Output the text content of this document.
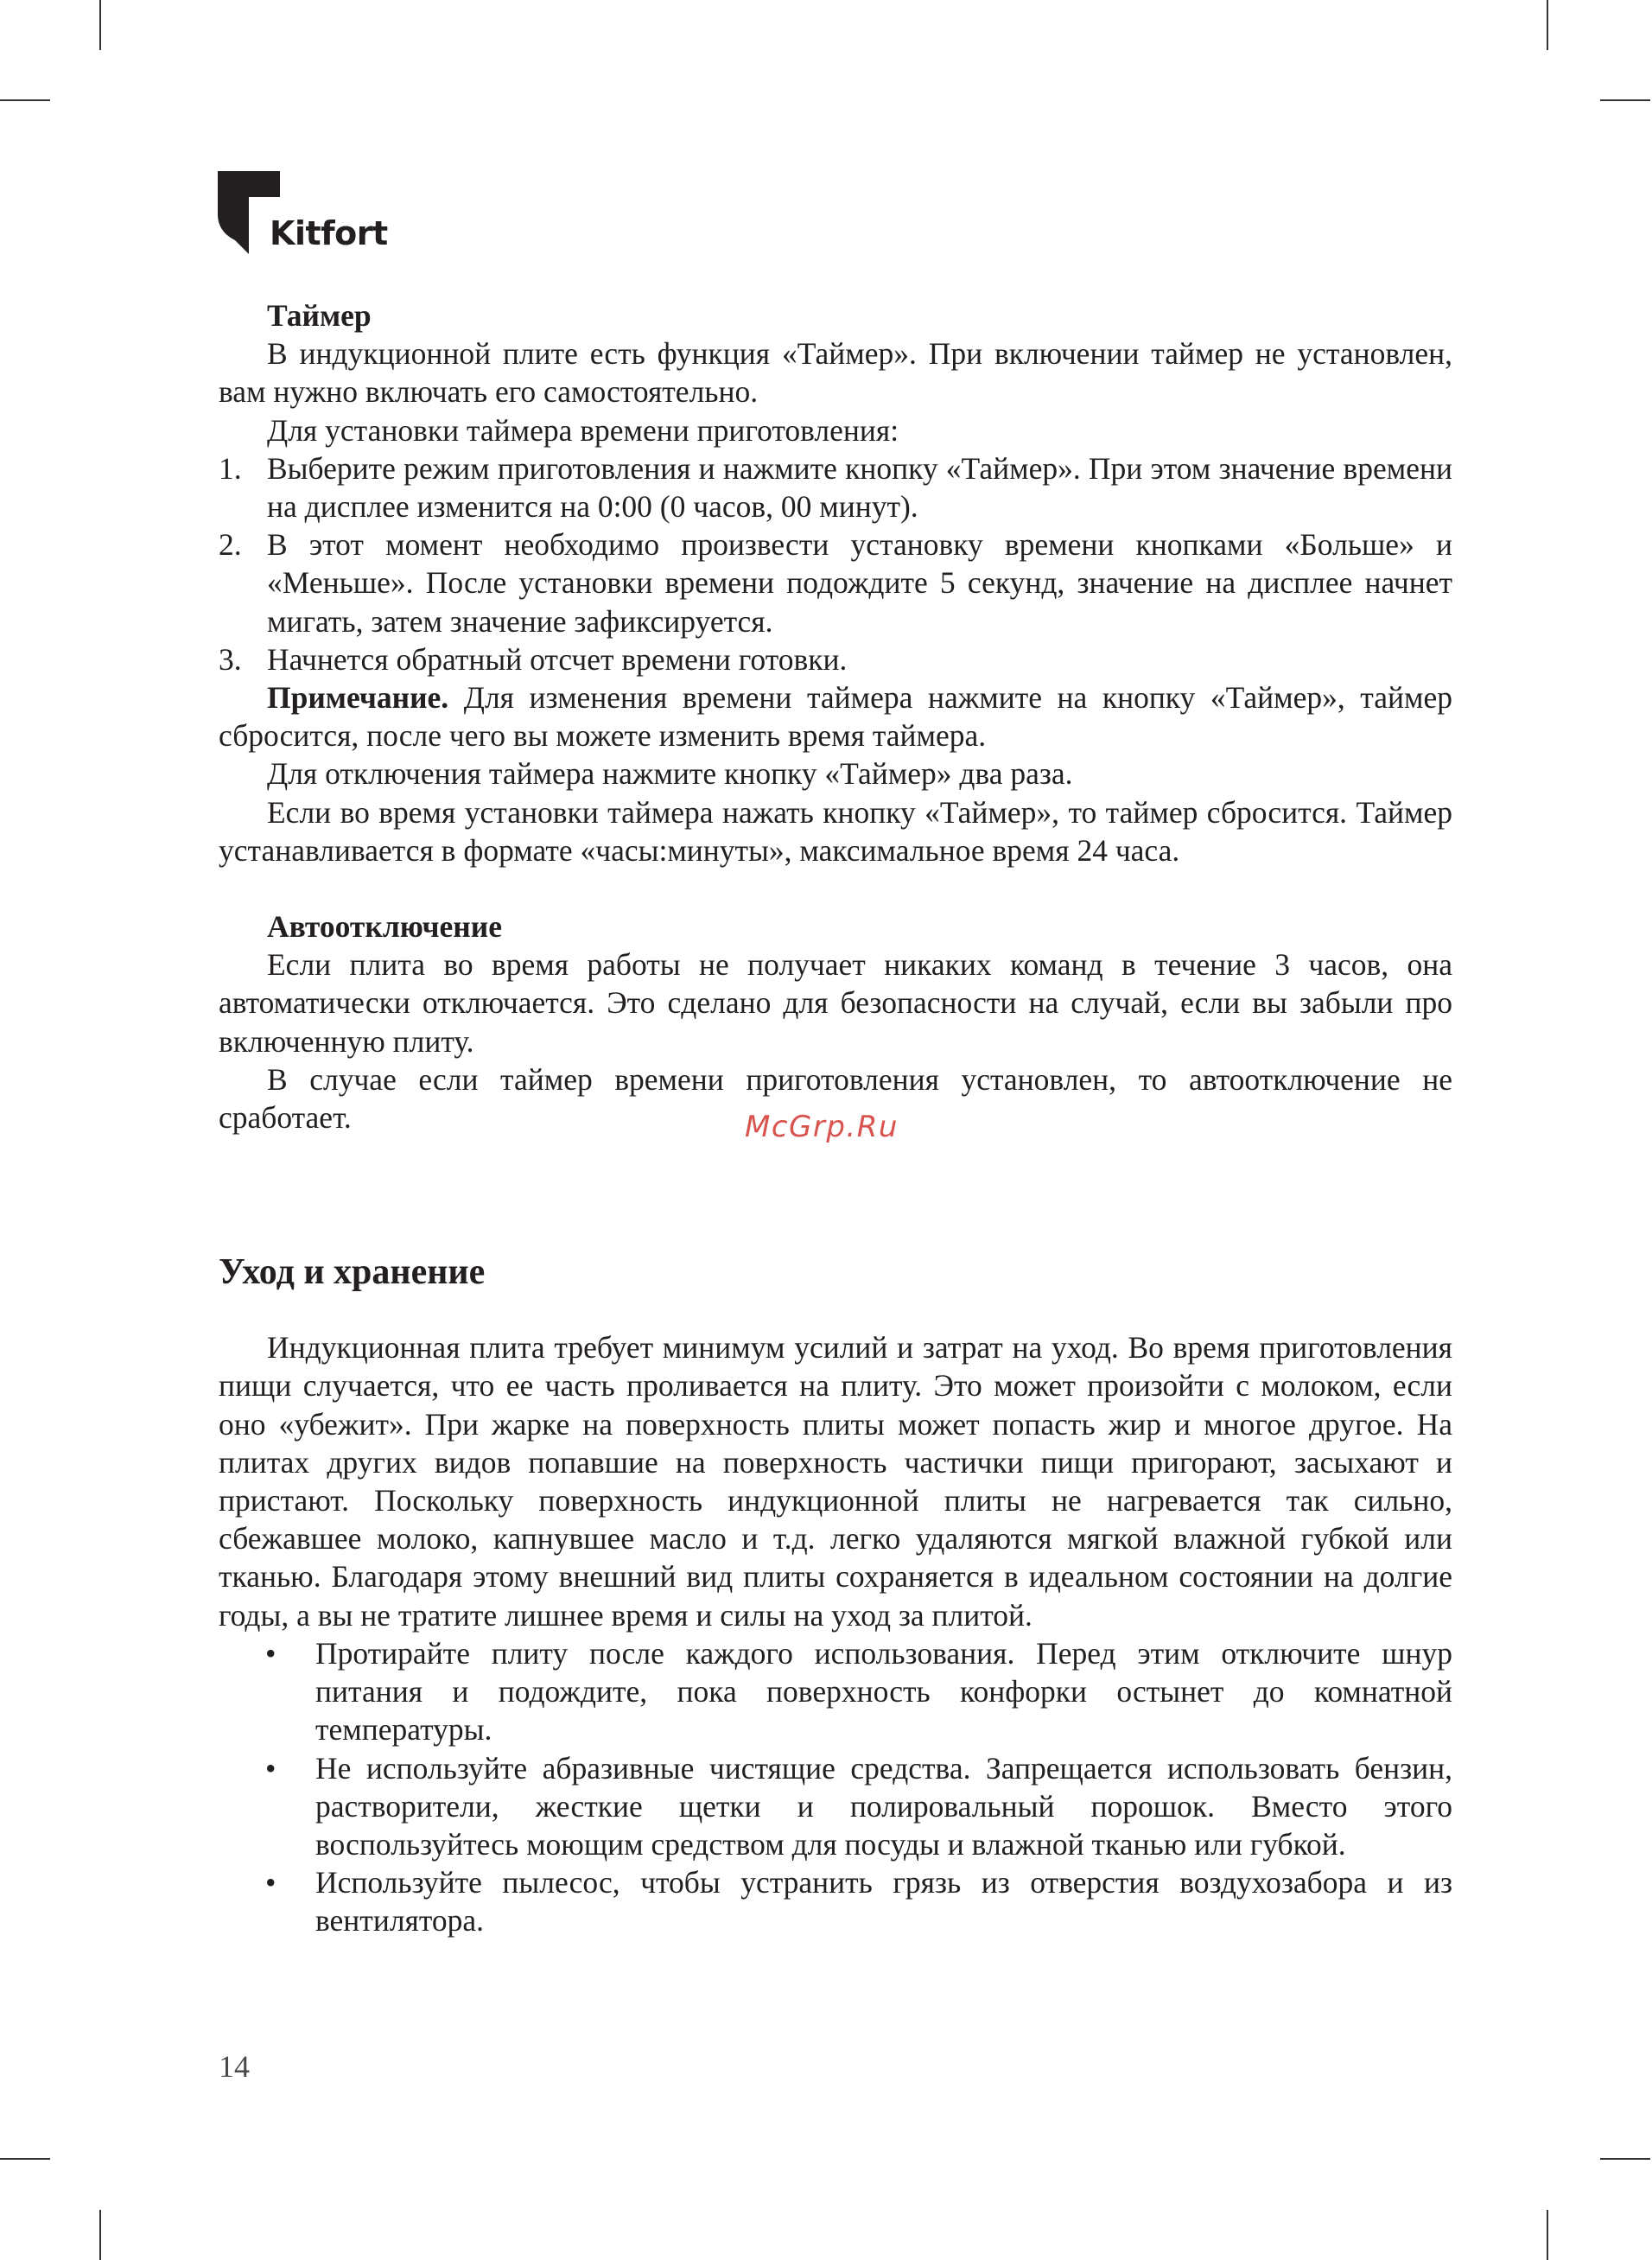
Kitfort

Таймер

В индукционной плите есть функция «Таймер». При включении таймер не установлен, вам нужно включать его самостоятельно.

Для установки таймера времени приготовления:

1. Выберите режим приготовления и нажмите кнопку «Таймер». При этом значение времени на дисплее изменится на 0:00 (0 часов, 00 минут).

2. В этот момент необходимо произвести установку времени кнопками «Больше» и «Меньше». После установки времени подождите 5 секунд, значение на дисплее начнет мигать, затем значение зафиксируется.

3. Начнется обратный отсчет времени готовки.

Примечание. Для изменения времени таймера нажмите на кнопку «Таймер», таймер сбросится, после чего вы можете изменить время таймера.

Для отключения таймера нажмите кнопку «Таймер» два раза.

Если во время установки таймера нажать кнопку «Таймер», то таймер сбросится. Таймер устанавливается в формате «часы:минуты», максимальное время 24 часа.

Автоотключение

Если плита во время работы не получает никаких команд в течение 3 часов, она автоматически отключается. Это сделано для безопасности на случай, если вы забыли про включенную плиту.

В случае если таймер времени приготовления установлен, то автоотключение не сработает.

Уход и хранение

Индукционная плита требует минимум усилий и затрат на уход. Во время приготовления пищи случается, что ее часть проливается на плиту. Это может произойти с молоком, если оно «убежит». При жарке на поверхность плиты может попасть жир и многое другое. На плитах других видов попавшие на поверхность частички пищи пригорают, засыхают и пристают. Поскольку поверхность индукционной плиты не нагревается так сильно, сбежавшее молоко, капнувшее масло и т.д. легко удаляются мягкой влажной губкой или тканью. Благодаря этому внешний вид плиты сохраняется в идеальном состоянии на долгие годы, а вы не тратите лишнее время и силы на уход за плитой.

• Протирайте плиту после каждого использования. Перед этим отключите шнур питания и подождите, пока поверхность конфорки остынет до комнатной температуры.

• Не используйте абразивные чистящие средства. Запрещается использовать бензин, растворители, жесткие щетки и полировальный порошок. Вместо этого воспользуйтесь моющим средством для посуды и влажной тканью или губкой.

• Используйте пылесос, чтобы устранить грязь из отверстия воздухозабора и из вентилятора.

McGrp.Ru
14
